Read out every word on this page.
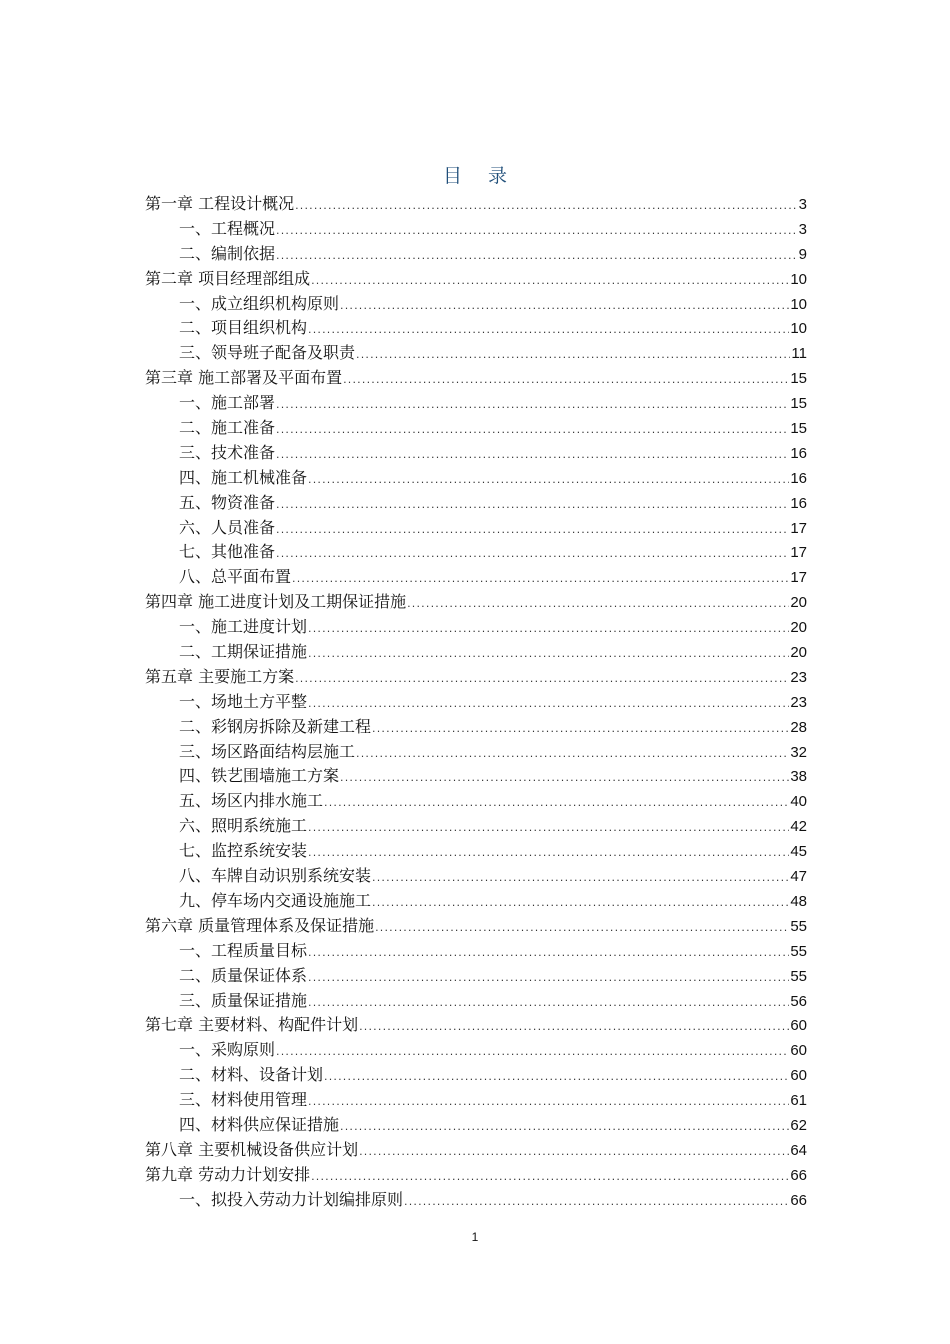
目录
第一章 工程设计概况 .....	3
一、工程概况 .....	3
二、编制依据 .....	9
第二章 项目经理部组成 .....	10
一、成立组织机构原则 .....	10
二、项目组织机构 .....	10
三、领导班子配备及职责 .....	11
第三章 施工部署及平面布置 .....	15
一、施工部署 .....	15
二、施工准备 .....	15
三、技术准备 .....	16
四、施工机械准备 .....	16
五、物资准备 .....	16
六、人员准备 .....	17
七、其他准备 .....	17
八、总平面布置 .....	17
第四章 施工进度计划及工期保证措施 .....	20
一、施工进度计划 .....	20
二、工期保证措施 .....	20
第五章 主要施工方案 .....	23
一、场地土方平整 .....	23
二、彩钢房拆除及新建工程 .....	28
三、场区路面结构层施工 .....	32
四、铁艺围墙施工方案 .....	38
五、场区内排水施工 .....	40
六、照明系统施工 .....	42
七、监控系统安装 .....	45
八、车牌自动识别系统安装 .....	47
九、停车场内交通设施施工 .....	48
第六章 质量管理体系及保证措施 .....	55
一、工程质量目标 .....	55
二、质量保证体系 .....	55
三、质量保证措施 .....	56
第七章 主要材料、构配件计划 .....	60
一、采购原则 .....	60
二、材料、设备计划 .....	60
三、材料使用管理 .....	61
四、材料供应保证措施 .....	62
第八章 主要机械设备供应计划 .....	64
第九章 劳动力计划安排 .....	66
一、拟投入劳动力计划编排原则 .....	66
1
